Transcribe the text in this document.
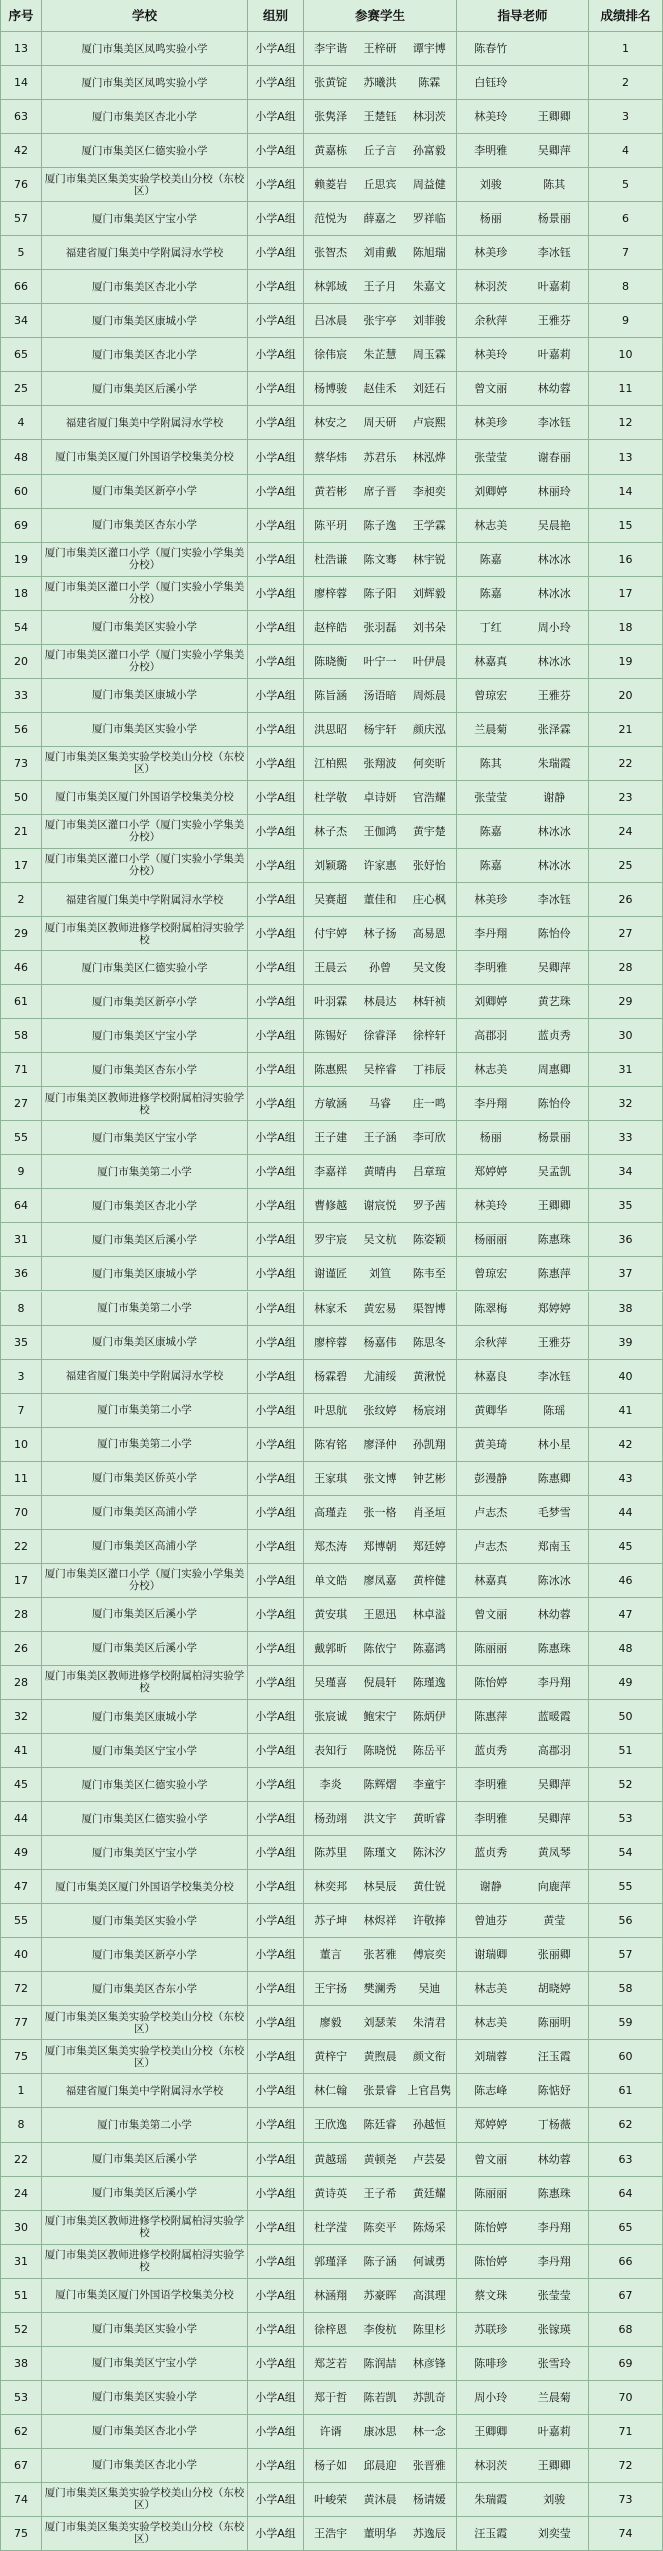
序号	学校	组别	参赛学生	指导老师	成绩排名
13	厦门市集美区凤鸣实验小学	小学A组	李宇谐	王梓研	谭宇博	陈春竹	1
14	厦门市集美区凤鸣实验小学	小学A组	张黄锭	苏曦洪	陈霖	白钰玲	2
63	厦门市集美区杏北小学	小学A组	张隽泽	王楚钰	林羽茨	林美玲	王卿卿	3
42	厦门市集美区仁德实验小学	小学A组	黄嘉栋	丘子言	孙富毅	李明雅	吴卿萍	4
76	厦门市集美区集美实验学校美山分校（东校区）	小学A组	赖菱岩	丘思宾	周益健	刘骏	陈其	5
57	厦门市集美区宁宝小学	小学A组	范悦为	薛嘉之	罗祥临	杨丽	杨景丽	6
5	福建省厦门集美中学附属浔水学校	小学A组	张智杰	刘甫戴	陈旭瑞	林美珍	李冰钰	7
66	厦门市集美区杏北小学	小学A组	林郭域	王子月	朱嘉文	林羽茨	叶嘉莉	8
34	厦门市集美区康城小学	小学A组	吕冰晨	张宇亭	刘菲骏	余秋萍	王雅芬	9
65	厦门市集美区杏北小学	小学A组	徐伟宸	朱芷慧	周玉霖	林美玲	叶嘉莉	10
25	厦门市集美区后溪小学	小学A组	杨博骏	赵佳禾	刘廷石	曾文丽	林幼蓉	11
4	福建省厦门集美中学附属浔水学校	小学A组	林安之	周天研	卢宸熙	林美珍	李冰钰	12
48	厦门市集美区厦门外国语学校集美分校	小学A组	蔡华炜	苏君乐	林泓烨	张莹莹	谢春丽	13
60	厦门市集美区新亭小学	小学A组	黄若彬	席子晋	李昶奕	刘卿婷	林丽玲	14
69	厦门市集美区杏东小学	小学A组	陈平玥	陈子逸	王学霖	林志美	吴晨艳	15
19	厦门市集美区灌口小学（厦门实验小学集美分校）	小学A组	杜浩谦	陈文骞	林宇锐	陈嘉	林冰冰	16
18	厦门市集美区灌口小学（厦门实验小学集美分校）	小学A组	廖梓蓉	陈子阳	刘辉毅	陈嘉	林冰冰	17
54	厦门市集美区实验小学	小学A组	赵梓皓	张羽磊	刘书朵	丁红	周小玲	18
20	厦门市集美区灌口小学（厦门实验小学集美分校）	小学A组	陈晓衡	叶宁一	叶伊晨	林嘉真	林冰冰	19
33	厦门市集美区康城小学	小学A组	陈旨涵	汤语暗	周烁晨	曾琼宏	王雅芬	20
56	厦门市集美区实验小学	小学A组	洪思昭	杨宇轩	颜庆泓	兰晨菊	张泽霖	21
73	厦门市集美区集美实验学校美山分校（东校区）	小学A组	江柏熙	张翔波	何奕昕	陈其	朱瑞霞	22
50	厦门市集美区厦门外国语学校集美分校	小学A组	杜学敬	卓诗妍	官浩耀	张莹莹	谢静	23
21	厦门市集美区灌口小学（厦门实验小学集美分校）	小学A组	林子杰	王伽鸿	黄宇楚	陈嘉	林冰冰	24
17	厦门市集美区灌口小学（厦门实验小学集美分校）	小学A组	刘颖璐	许家惠	张妤怡	陈嘉	林冰冰	25
2	福建省厦门集美中学附属浔水学校	小学A组	吴赛超	董佳和	庄心枫	林美珍	李冰钰	26
29	厦门市集美区教师进修学校附属柏浔实验学校	小学A组	付宇婷	林子扬	高易恩	李丹翔	陈怡伶	27
46	厦门市集美区仁德实验小学	小学A组	王晨云	孙曾	吴文俊	李明雅	吴卿萍	28
61	厦门市集美区新亭小学	小学A组	叶羽霖	林晨达	林轩祯	刘卿婷	黄艺珠	29
58	厦门市集美区宁宝小学	小学A组	陈锡好	徐睿泽	徐梓轩	高郡羽	蓝贞秀	30
71	厦门市集美区杏东小学	小学A组	陈惠熙	吴梓睿	丁祎辰	林志美	周惠卿	31
27	厦门市集美区教师进修学校附属柏浔实验学校	小学A组	方敏涵	马睿	庄一鸣	李丹翔	陈怡伶	32
55	厦门市集美区宁宝小学	小学A组	王子建	王子涵	李可欣	杨丽	杨景丽	33
9	厦门市集美第二小学	小学A组	李嘉祥	黄晴冉	吕章瑄	郑婷婷	吴孟凯	34
64	厦门市集美区杏北小学	小学A组	曹修越	谢宸悦	罗予茜	林美玲	王卿卿	35
31	厦门市集美区后溪小学	小学A组	罗宇宸	吴文杭	陈姿颖	杨丽丽	陈惠珠	36
36	厦门市集美区康城小学	小学A组	谢谨匠	刘笪	陈韦至	曾琼宏	陈惠萍	37
8	厦门市集美第二小学	小学A组	林家禾	黄宏易	渠智博	陈翠梅	郑婷婷	38
35	厦门市集美区康城小学	小学A组	廖梓蓉	杨嘉伟	陈思冬	余秋萍	王雅芬	39
3	福建省厦门集美中学附属浔水学校	小学A组	杨霖碧	尤浦绥	黄湫悦	林嘉良	李冰钰	40
7	厦门市集美第二小学	小学A组	叶思航	张纹婷	杨宸翊	黄卿华	陈瑶	41
10	厦门市集美第二小学	小学A组	陈宥铭	廖泽仲	孙凯翔	黄美琦	林小星	42
11	厦门市集美区侨英小学	小学A组	王家琪	张文博	钟艺彬	彭漫静	陈惠卿	43
70	厦门市集美区高浦小学	小学A组	高瑾垚	张一格	肖圣垣	卢志杰	毛梦雪	44
22	厦门市集美区高浦小学	小学A组	郑杰涛	郑博朝	郑廷婷	卢志杰	郑南玉	45
17	厦门市集美区灌口小学（厦门实验小学集美分校）	小学A组	单文皓	廖凤嘉	黄梓健	林嘉真	陈冰冰	46
28	厦门市集美区后溪小学	小学A组	黄安琪	王恩迅	林卓溢	曾文丽	林幼蓉	47
26	厦门市集美区后溪小学	小学A组	戴郭昕	陈依宁	陈嘉鸿	陈丽丽	陈惠珠	48
28	厦门市集美区教师进修学校附属柏浔实验学校	小学A组	吴瑾喜	倪晨轩	陈瑾逸	陈怡婷	李丹翔	49
32	厦门市集美区康城小学	小学A组	张宸诚	鲍宋宁	陈炳伊	陈惠萍	蓝暖霞	50
41	厦门市集美区宁宝小学	小学A组	表知行	陈晓悦	陈岳平	蓝贞秀	高郡羽	51
45	厦门市集美区仁德实验小学	小学A组	李炎	陈辉熠	李童宇	李明雅	吴卿萍	52
44	厦门市集美区仁德实验小学	小学A组	杨劲翊	洪文宇	黄昕睿	李明雅	吴卿萍	53
49	厦门市集美区宁宝小学	小学A组	陈苏里	陈瑾文	陈沐汐	蓝贞秀	黄凤琴	54
47	厦门市集美区厦门外国语学校集美分校	小学A组	林奕邦	林昊辰	黄仕锐	谢静	向鹿萍	55
55	厦门市集美区实验小学	小学A组	苏子坤	林烬祥	许敬捧	曾迪芬	黄莹	56
40	厦门市集美区新亭小学	小学A组	董言	张茗雅	傅宸奕	谢瑞卿	张丽卿	57
72	厦门市集美区杏东小学	小学A组	王宇扬	樊澜秀	吴迪	林志美	胡晓婷	58
77	厦门市集美区集美实验学校美山分校（东校区）	小学A组	廖毅	刘瑟茉	朱清君	林志美	陈丽明	59
75	厦门市集美区集美实验学校美山分校（东校区）	小学A组	黄梓宁	黄煦晨	颜文衔	刘瑞蓉	汪玉霞	60
1	福建省厦门集美中学附属浔水学校	小学A组	林仁翰	张景睿 上官昌隽	陈志峰	陈惦妤	61
8	厦门市集美第二小学	小学A组	王欣逸	陈廷睿	孙越恒	郑婷婷	丁杨薇	62
22	厦门市集美区后溪小学	小学A组	黄越瑶	黄顿尧	卢芸晏	曾文丽	林幼蓉	63
24	厦门市集美区后溪小学	小学A组	黄诗英	王子希	黄廷耀	陈丽丽	陈惠珠	64
30	厦门市集美区教师进修学校附属柏浔实验学校	小学A组	杜学滢	陈奕平	陈炀采	陈怡婷	李丹翔	65
31	厦门市集美区教师进修学校附属柏浔实验学校	小学A组	郭瑾泽	陈子涵	何诚勇	陈怡婷	李丹翔	66
51	厦门市集美区厦门外国语学校集美分校	小学A组	林涵翔	苏豪晖	高淇理	蔡文珠	张莹莹	67
52	厦门市集美区实验小学	小学A组	徐梓恩	李俊杭	陈里杉	苏联珍	张镓瑛	68
38	厦门市集美区宁宝小学	小学A组	郑芝若	陈润喆	林彦锋	陈啡珍	张雪玲	69
53	厦门市集美区实验小学	小学A组	郑于哲	陈若凯	苏凯奇	周小玲	兰晨菊	70
62	厦门市集美区杏北小学	小学A组	许谞	康冰思	林一念	王卿卿	叶嘉莉	71
67	厦门市集美区杏北小学	小学A组	杨子如	邱晨迎	张晋雅	林羽茨	王卿卿	72
74	厦门市集美区集美实验学校美山分校（东校区）	小学A组	叶峻荣	黄沐晨	杨请媛	朱瑞霞	刘骏	73
75	厦门市集美区集美实验学校美山分校（东校区）	小学A组	王浩宇	董明华	苏逸辰	汪玉霞	刘奕莹	74
